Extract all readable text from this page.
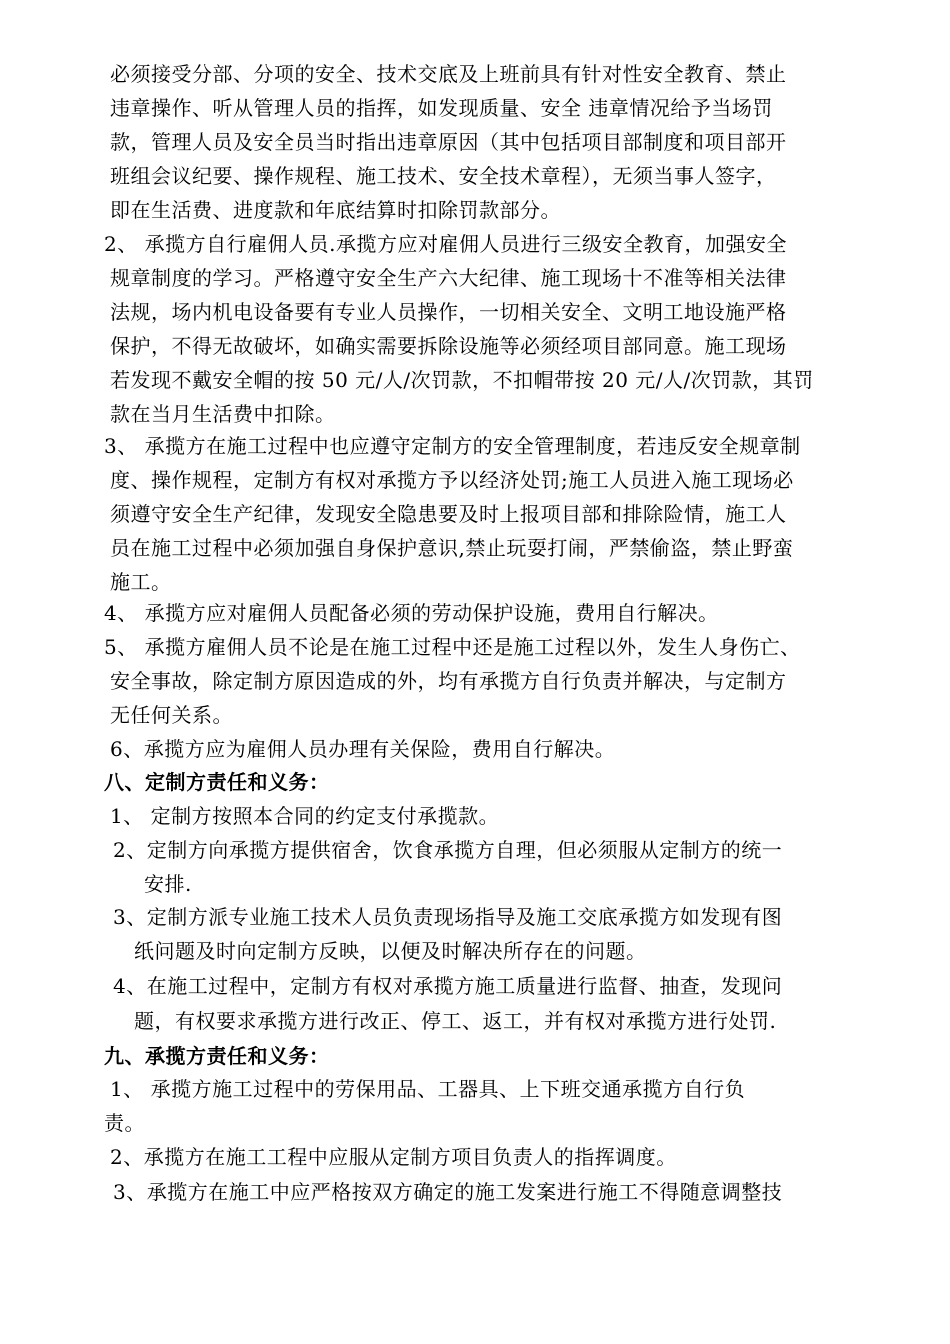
必须接受分部、分项的安全、技术交底及上班前具有针对性安全教育、禁止
违章操作、听从管理人员的指挥，如发现质量、安全 违章情况给予当场罚
款，管理人员及安全员当时指出违章原因（其中包括项目部制度和项目部开
班组会议纪要、操作规程、施工技术、安全技术章程），无须当事人签字，
即在生活费、进度款和年底结算时扣除罚款部分。
2、 承揽方自行雇佣人员.承揽方应对雇佣人员进行三级安全教育，加强安全
规章制度的学习。严格遵守安全生产六大纪律、施工现场十不准等相关法律
法规，场内机电设备要有专业人员操作，一切相关安全、文明工地设施严格
保护，不得无故破坏，如确实需要拆除设施等必须经项目部同意。施工现场
若发现不戴安全帽的按 50 元/人/次罚款，不扣帽带按 20 元/人/次罚款，其罚
款在当月生活费中扣除。
3、 承揽方在施工过程中也应遵守定制方的安全管理制度，若违反安全规章制
度、操作规程，定制方有权对承揽方予以经济处罚;施工人员进入施工现场必
须遵守安全生产纪律，发现安全隐患要及时上报项目部和排除险情，施工人
员在施工过程中必须加强自身保护意识,禁止玩耍打闹，严禁偷盗，禁止野蛮
施工。
4、 承揽方应对雇佣人员配备必须的劳动保护设施，费用自行解决。
5、 承揽方雇佣人员不论是在施工过程中还是施工过程以外，发生人身伤亡、
安全事故，除定制方原因造成的外，均有承揽方自行负责并解决，与定制方
无任何关系。
6、承揽方应为雇佣人员办理有关保险，费用自行解决。
八、定制方责任和义务：
1、 定制方按照本合同的约定支付承揽款。
2、定制方向承揽方提供宿舍，饮食承揽方自理，但必须服从定制方的统一
安排.
3、定制方派专业施工技术人员负责现场指导及施工交底承揽方如发现有图
纸问题及时向定制方反映，以便及时解决所存在的问题。
4、在施工过程中，定制方有权对承揽方施工质量进行监督、抽查，发现问
题，有权要求承揽方进行改正、停工、返工，并有权对承揽方进行处罚.
九、承揽方责任和义务：
1、 承揽方施工过程中的劳保用品、工器具、上下班交通承揽方自行负
责。
2、承揽方在施工工程中应服从定制方项目负责人的指挥调度。
3、承揽方在施工中应严格按双方确定的施工发案进行施工不得随意调整技
